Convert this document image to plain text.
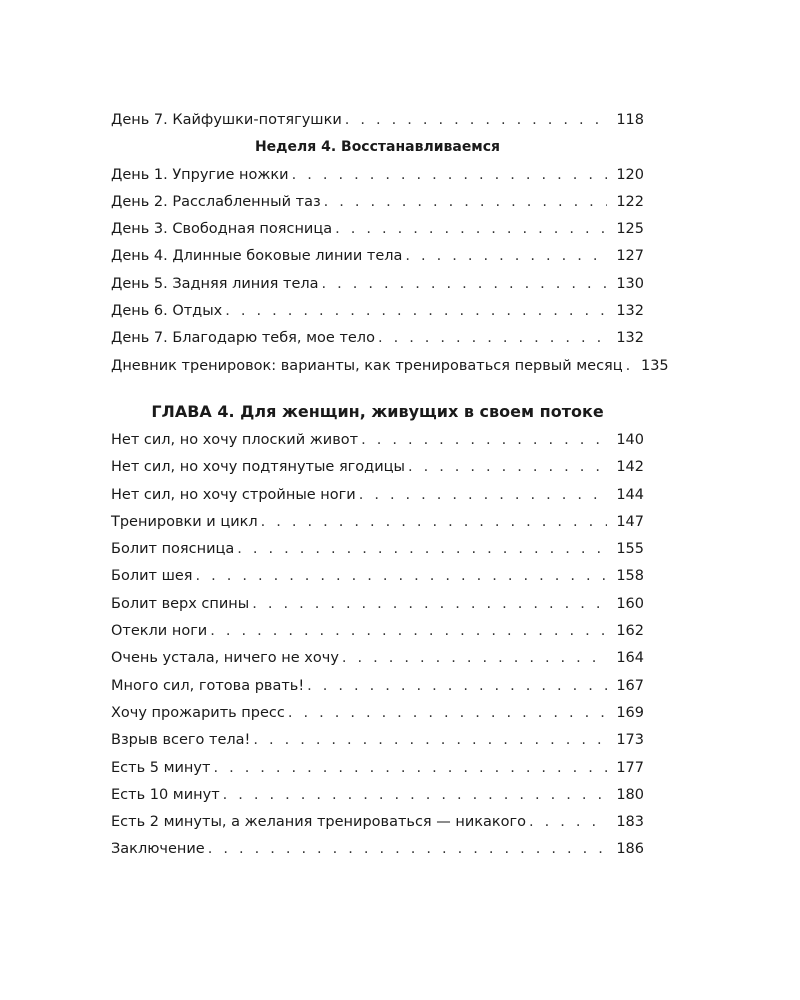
День 7. Кайфушки-потягушки . . .	118
Неделя 4. Восстанавливаемся
День 1. Упругие ножки . . .	120
День 2. Расслабленный таз . . .	122
День 3. Свободная поясница . . .	125
День 4. Длинные боковые линии тела . . .	127
День 5. Задняя линия тела . . .	130
День 6. Отдых . . .	132
День 7. Благодарю тебя, мое тело . . .	132
Дневник тренировок: варианты, как тренироваться первый месяц . . . 135
ГЛАВА 4. Для женщин, живущих в своем потоке
Нет сил, но хочу плоский живот . . .	140
Нет сил, но хочу подтянутые ягодицы . . .	142
Нет сил, но хочу стройные ноги . . .	144
Тренировки и цикл . . .	147
Болит поясница . . .	155
Болит шея . . .	158
Болит верх спины . . .	160
Отекли ноги . . .	162
Очень устала, ничего не хочу . . .	164
Много сил, готова рвать! . . .	167
Хочу прожарить пресс . . .	169
Взрыв всего тела! . . .	173
Есть 5 минут . . .	177
Есть 10 минут . . .	180
Есть 2 минуты, а желания тренироваться — никакого . . .	183
Заключение . . .	186
